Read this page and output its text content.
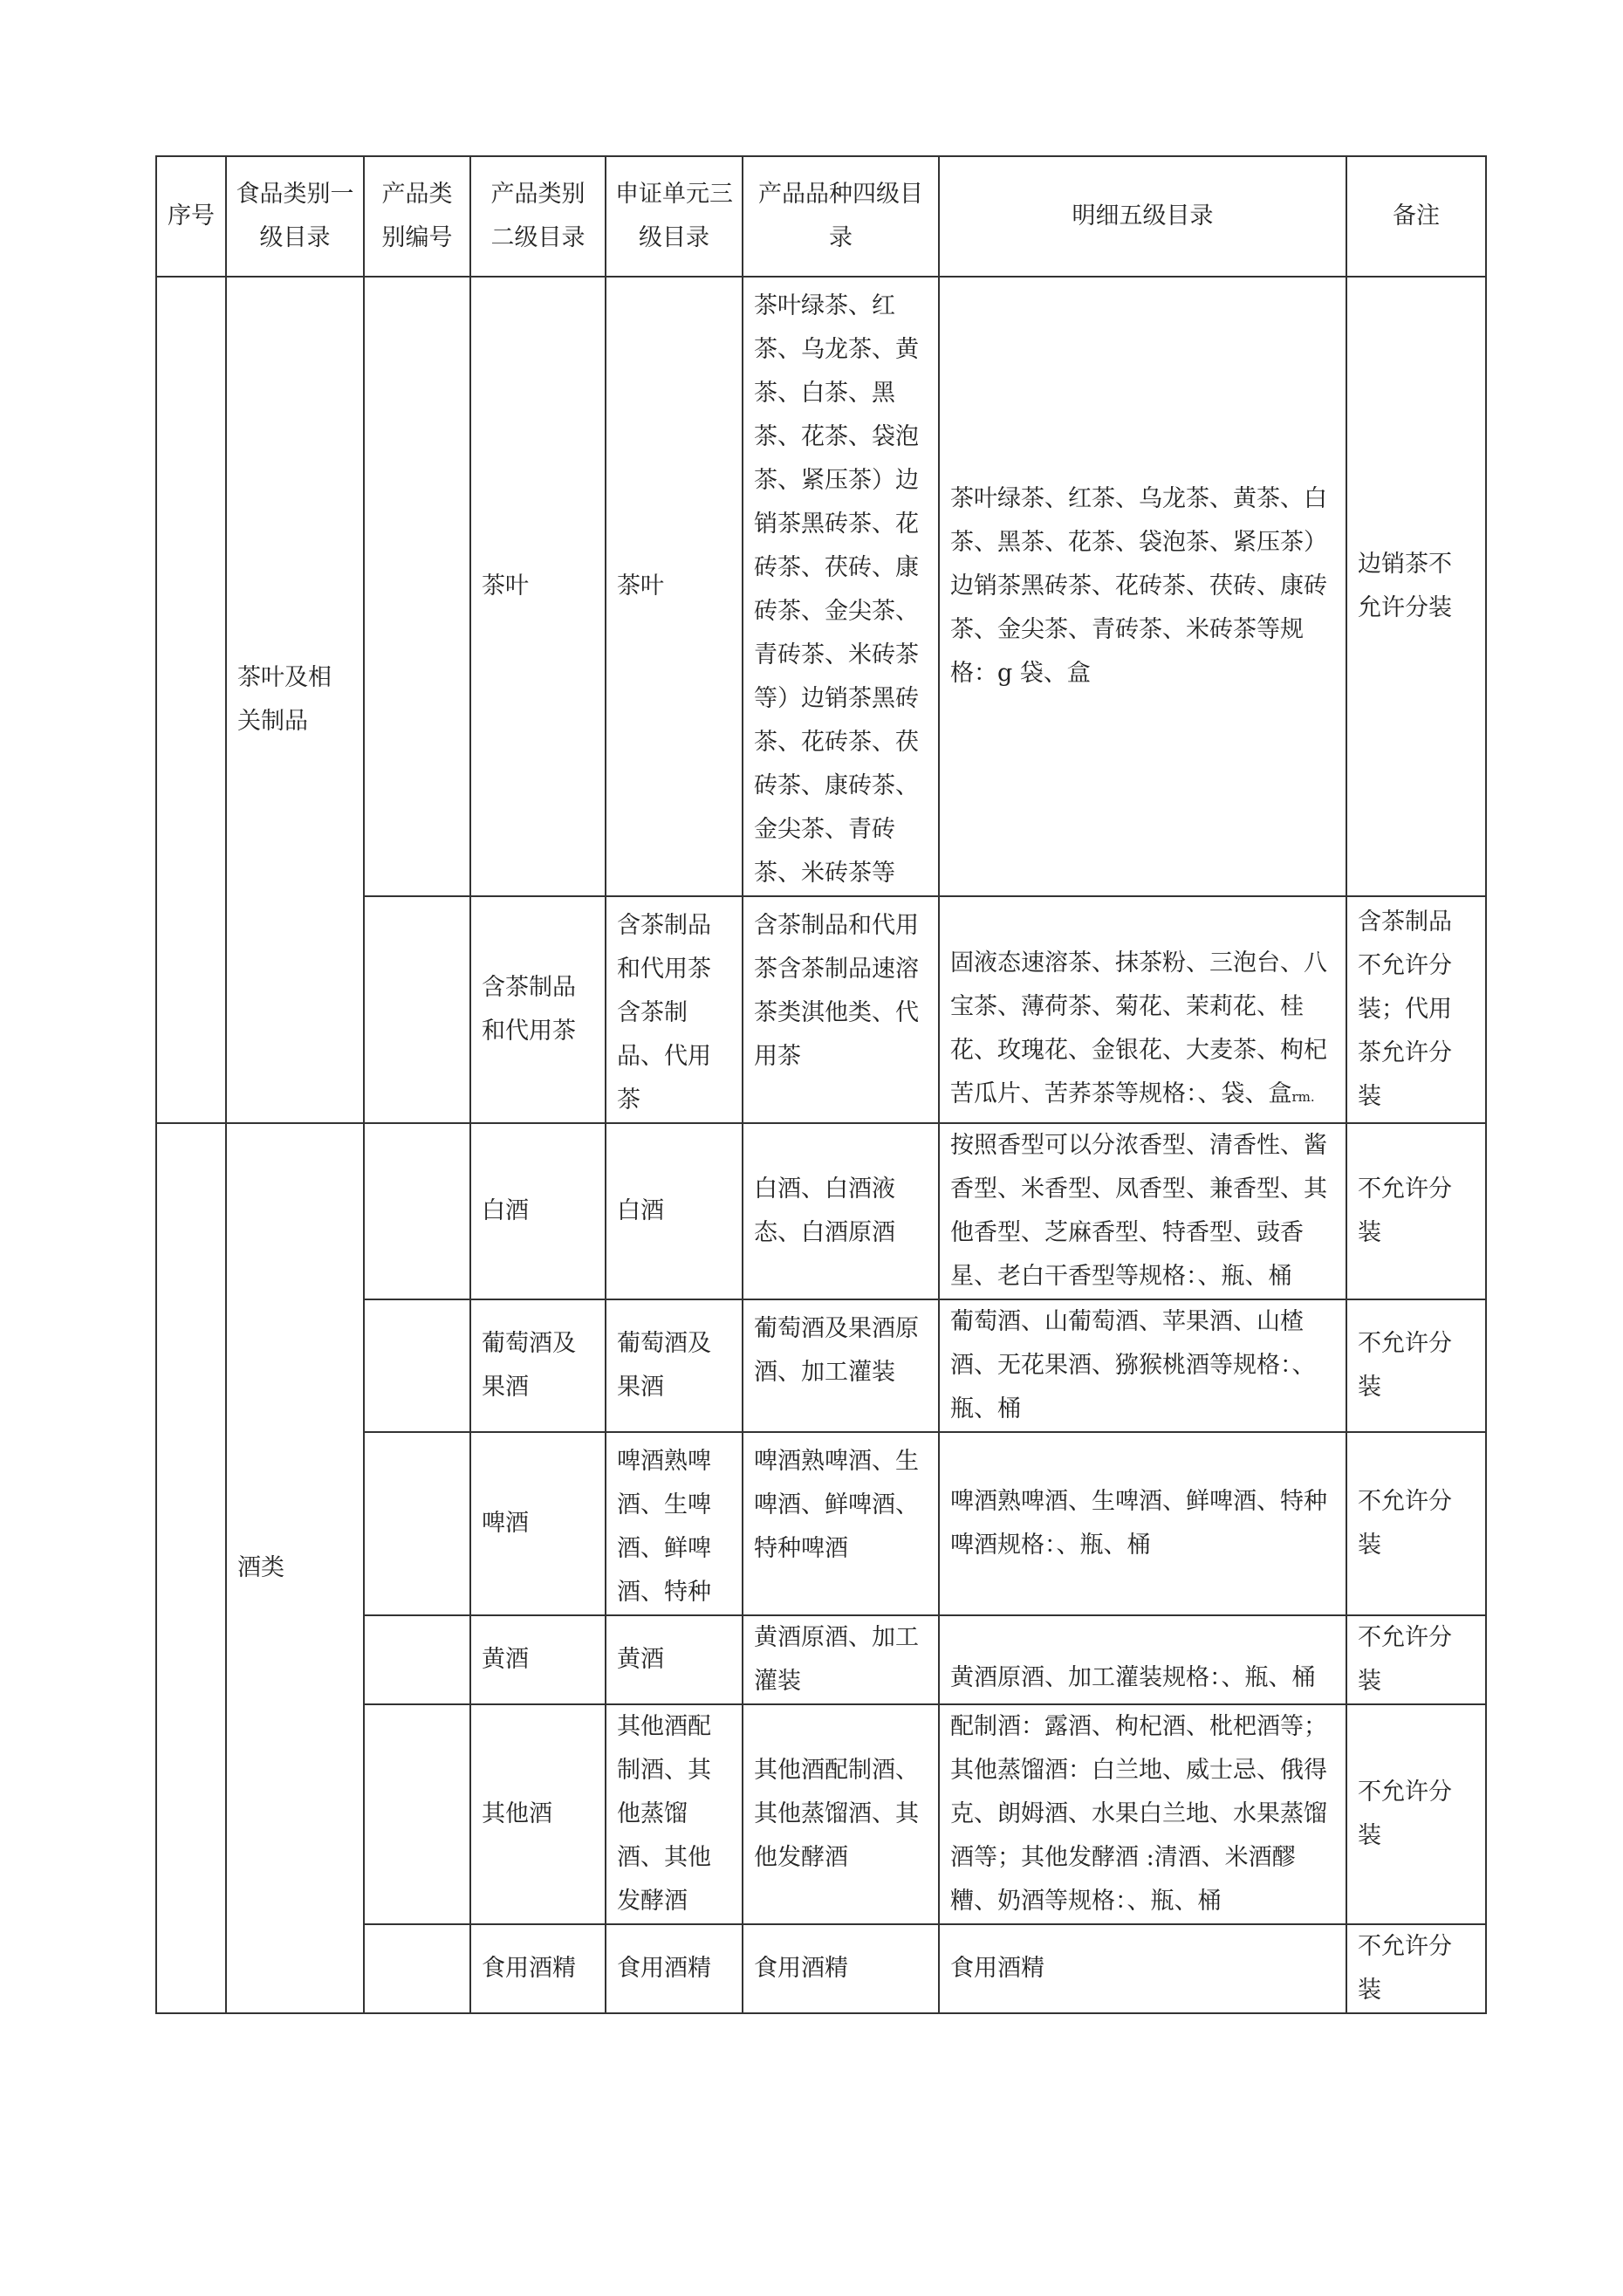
序号	食品类别一级目录	产品类别编号	产品类别二级目录	申证单元三级目录	产品品种四级目录	明细五级目录	备注
	茶叶及相关制品		茶叶	茶叶	茶叶绿茶、红茶、乌龙茶、黄茶、白茶、黑茶、花茶、袋泡茶、紧压茶）边销茶黑砖茶、花砖茶、茯砖、康砖茶、金尖茶、青砖茶、米砖茶等）边销茶黑砖茶、花砖茶、茯砖茶、康砖茶、金尖茶、青砖茶、米砖茶等	茶叶绿茶、红茶、乌龙茶、黄茶、白茶、黑茶、花茶、袋泡茶、紧压茶）边销茶黑砖茶、花砖茶、茯砖、康砖茶、金尖茶、青砖茶、米砖茶等规格：g 袋、盒	边销茶不允许分装
			含茶制品和代用茶	含茶制品和代用茶含茶制品、代用茶	含茶制品和代用茶含茶制品速溶茶类淇他类、代用茶	固液态速溶茶、抹茶粉、三泡台、八宝茶、薄荷茶、菊花、茉莉花、桂花、玫瑰花、金银花、大麦茶、枸杞苦瓜片、苦荞茶等规格：、袋、盒rm.	含茶制品不允许分装；代用茶允许分装
	酒类		白酒	白酒	白酒、白酒液态、白酒原酒	按照香型可以分浓香型、清香性、酱香型、米香型、凤香型、兼香型、其他香型、芝麻香型、特香型、豉香星、老白干香型等规格：、瓶、桶	不允许分装
			葡萄酒及果酒	葡萄酒及果酒	葡萄酒及果酒原酒、加工灌装	葡萄酒、山葡萄酒、苹果酒、山楂酒、无花果酒、猕猴桃酒等规格：、瓶、桶	不允许分装
			啤酒	啤酒熟啤酒、生啤酒、鲜啤酒、特种	啤酒熟啤酒、生啤酒、鲜啤酒、特种啤酒	啤酒熟啤酒、生啤酒、鲜啤酒、特种啤酒规格：、瓶、桶	不允许分装
			黄酒	黄酒	黄酒原酒、加工灌装	黄酒原酒、加工灌装规格：、瓶、桶	不允许分装
			其他酒	其他酒配制酒、其他蒸馏酒、其他发酵酒	其他酒配制酒、其他蒸馏酒、其他发酵酒	配制酒：露酒、枸杞酒、枇杷酒等；其他蒸馏酒：白兰地、威士忌、俄得克、朗姆酒、水果白兰地、水果蒸馏酒等；其他发酵酒 :清酒、米酒醪糟、奶酒等规格：、瓶、桶	不允许分装
			食用酒精	食用酒精	食用酒精	食用酒精	不允许分装
